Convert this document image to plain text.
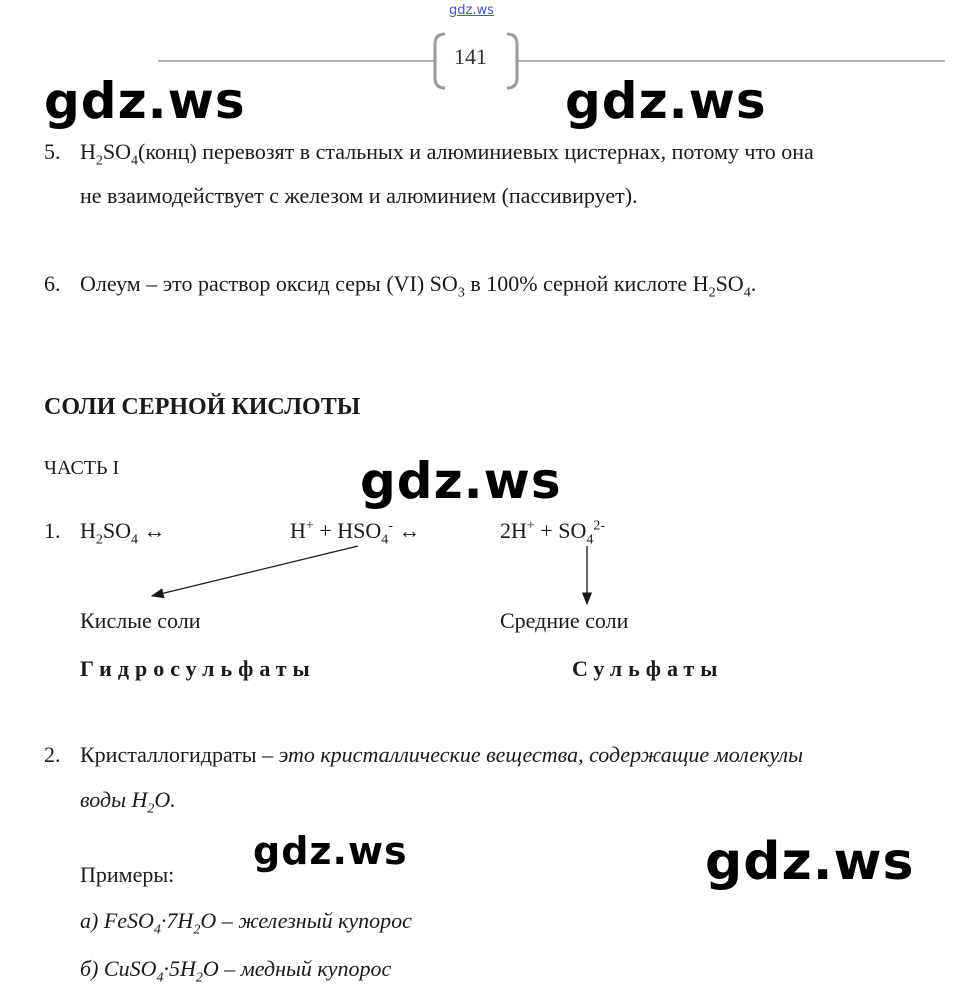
gdz.ws
141
gdz.ws	gdz.ws
gdz.ws
gdz.ws	gdz.ws
5. $H_2SO_4(конц)$ перевозят в стальных и алюминиевых цистернах, потому что она
не взаимодействует с железом и алюминием (пассивирует).
6. Олеум – это раствор оксид серы (VI) $SO_3$ в 100% серной кислоте $H_2SO_4$.
СОЛИ СЕРНОЙ КИСЛОТЫ
ЧАСТЬ I
1. $H_2SO_4$ ↔	$H^+ + HSO_4^-$ ↔	$2H^+ + SO_4^{2-}$
Кислые соли	Средние соли
Гидросульфаты	Сульфаты
2. Кристаллогидраты – это кристаллические вещества, содержащие молекулы
воды $H_2O$.
Примеры:
а) $FeSO_4\cdot 7H_2O$ – железный купорос
б) $CuSO_4\cdot 5H_2O$ – медный купорос
